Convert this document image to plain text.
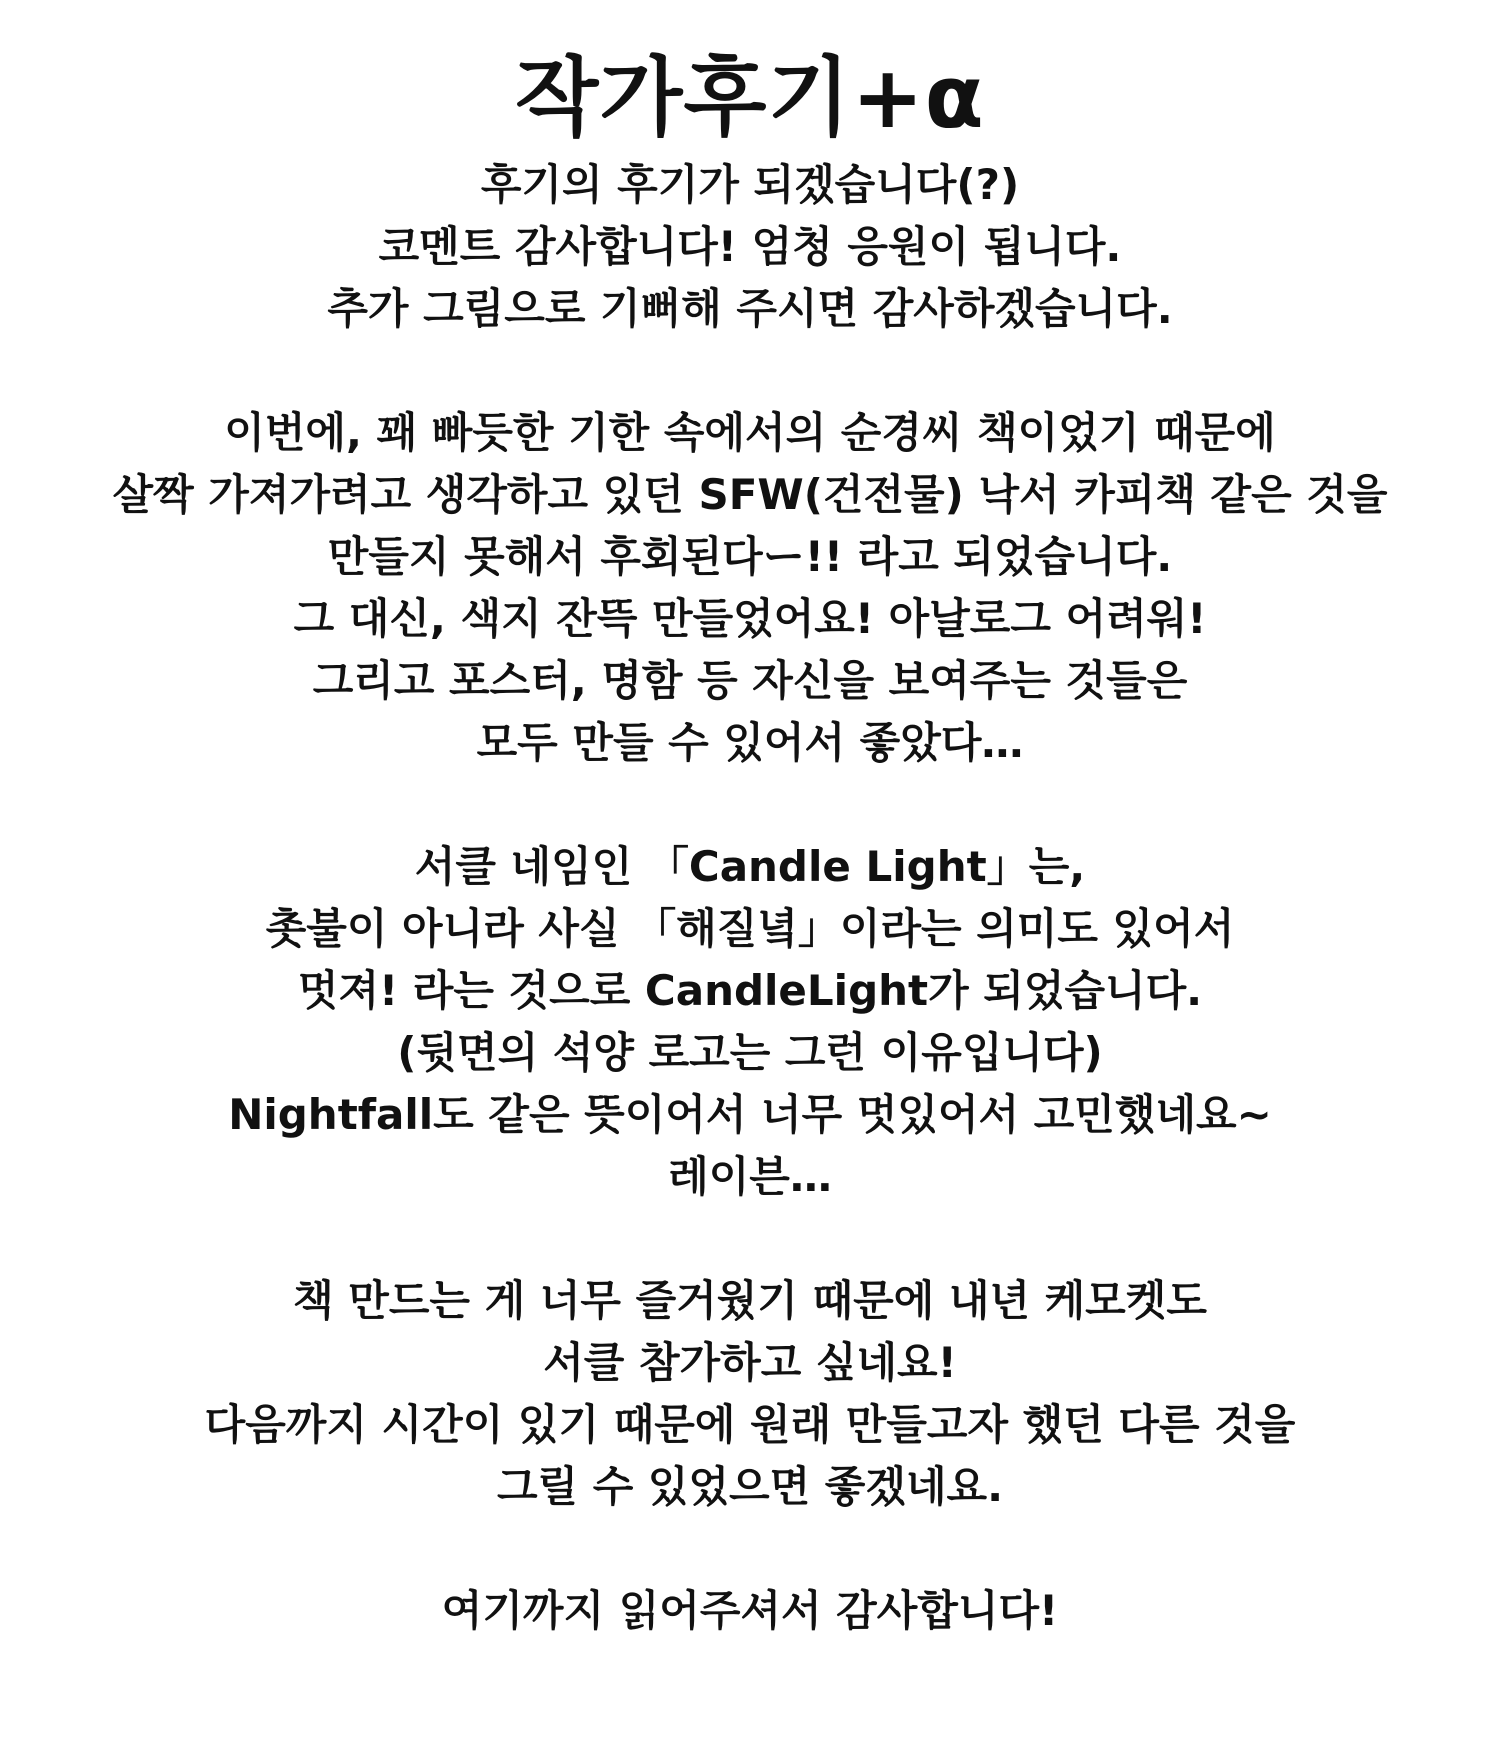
작가후기+α
후기의 후기가 되겠습니다(?)
코멘트 감사합니다! 엄청 응원이 됩니다.
추가 그림으로 기뻐해 주시면 감사하겠습니다.
이번에, 꽤 빠듯한 기한 속에서의 순경씨 책이었기 때문에
살짝 가져가려고 생각하고 있던 SFW(건전물) 낙서 카피책 같은 것을
만들지 못해서 후회된다ー!! 라고 되었습니다.
그 대신, 색지 잔뜩 만들었어요! 아날로그 어려워!
그리고 포스터, 명함 등 자신을 보여주는 것들은
모두 만들 수 있어서 좋았다…
서클 네임인 「Candle Light」는,
촛불이 아니라 사실 「해질녘」이라는 의미도 있어서
멋져! 라는 것으로 CandleLight가 되었습니다.
(뒷면의 석양 로고는 그런 이유입니다)
Nightfall도 같은 뜻이어서 너무 멋있어서 고민했네요~
레이븐…
책 만드는 게 너무 즐거웠기 때문에 내년 케모켓도
서클 참가하고 싶네요!
다음까지 시간이 있기 때문에 원래 만들고자 했던 다른 것을
그릴 수 있었으면 좋겠네요.
여기까지 읽어주셔서 감사합니다!
